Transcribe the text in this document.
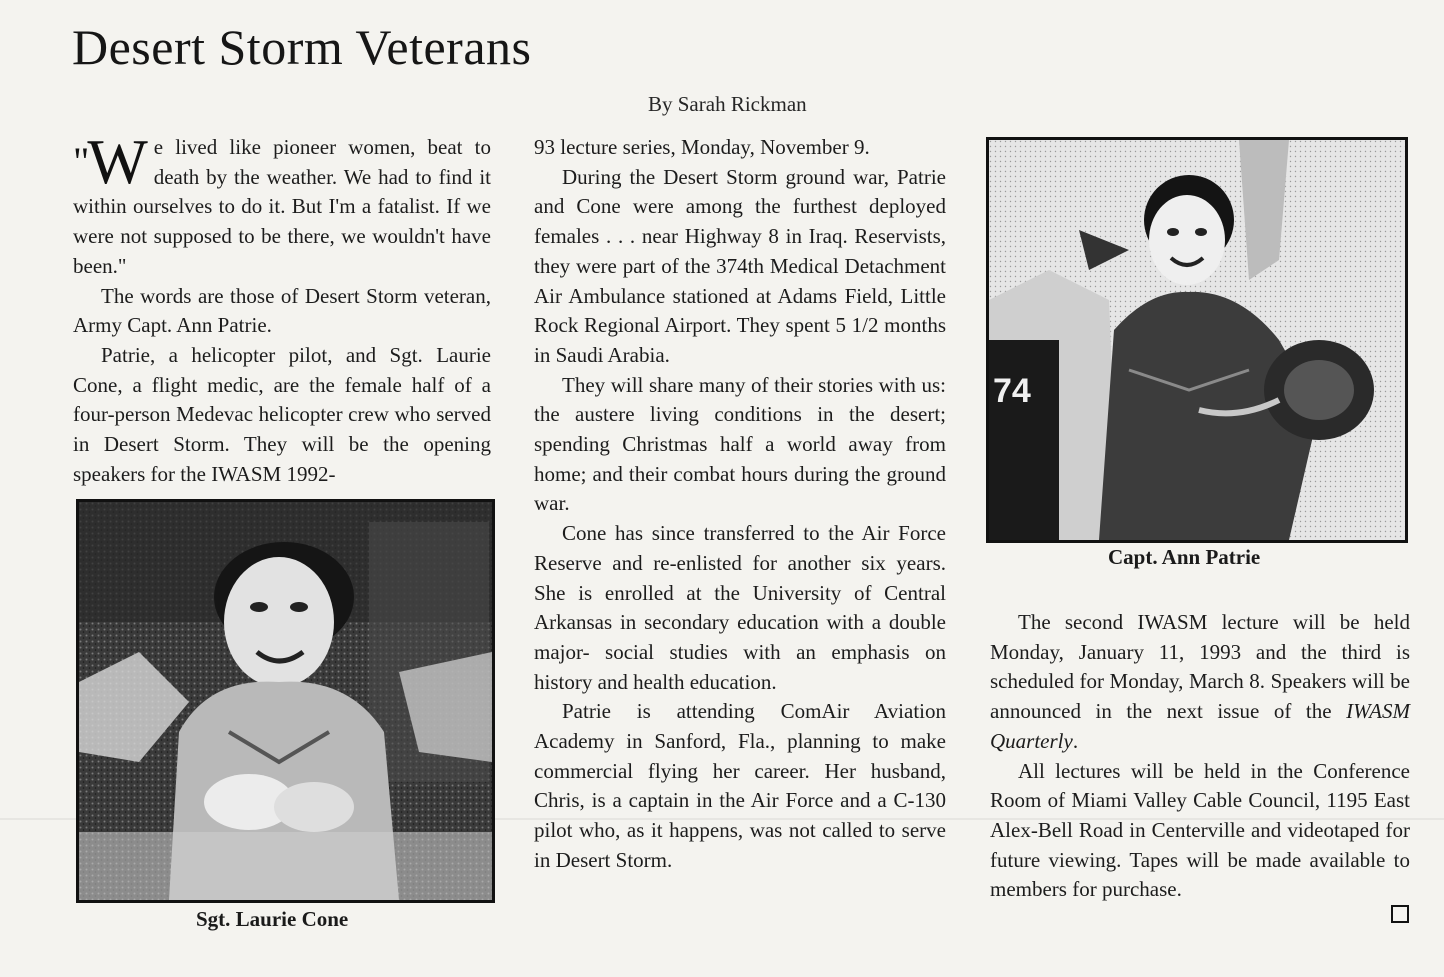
Desert Storm Veterans

By Sarah Rickman

"W e lived like pioneer women, beat to death by the weather. We had to find it within ourselves to do it. But I'm a fatalist. If we were not supposed to be there, we wouldn't have been."

The words are those of Desert Storm veteran, Army Capt. Ann Patrie.

Patrie, a helicopter pilot, and Sgt. Laurie Cone, a flight medic, are the female half of a four-person Medevac helicopter crew who served in Desert Storm. They will be the opening speakers for the IWASM 1992-

Sgt. Laurie Cone

93 lecture series, Monday, November 9.

During the Desert Storm ground war, Patrie and Cone were among the furthest deployed females . . . near Highway 8 in Iraq. Reservists, they were part of the 374th Medical Detachment Air Ambulance stationed at Adams Field, Little Rock Regional Airport. They spent 5 1/2 months in Saudi Arabia.

They will share many of their stories with us: the austere living conditions in the desert; spending Christmas half a world away from home; and their combat hours during the ground war.

Cone has since transferred to the Air Force Reserve and re-enlisted for another six years. She is enrolled at the University of Central Arkansas in secondary education with a double major- social studies with an emphasis on history and health education.

Patrie is attending ComAir Aviation Academy in Sanford, Fla., planning to make commercial flying her career. Her husband, Chris, is a captain in the Air Force and a C-130 pilot who, as it happens, was not called to serve in Desert Storm.

74

Capt. Ann Patrie

The second IWASM lecture will be held Monday, January 11, 1993 and the third is scheduled for Monday, March 8. Speakers will be announced in the next issue of the IWASM Quarterly.

All lectures will be held in the Conference Room of Miami Valley Cable Council, 1195 East Alex-Bell Road in Centerville and videotaped for future viewing. Tapes will be made available to members for purchase.
